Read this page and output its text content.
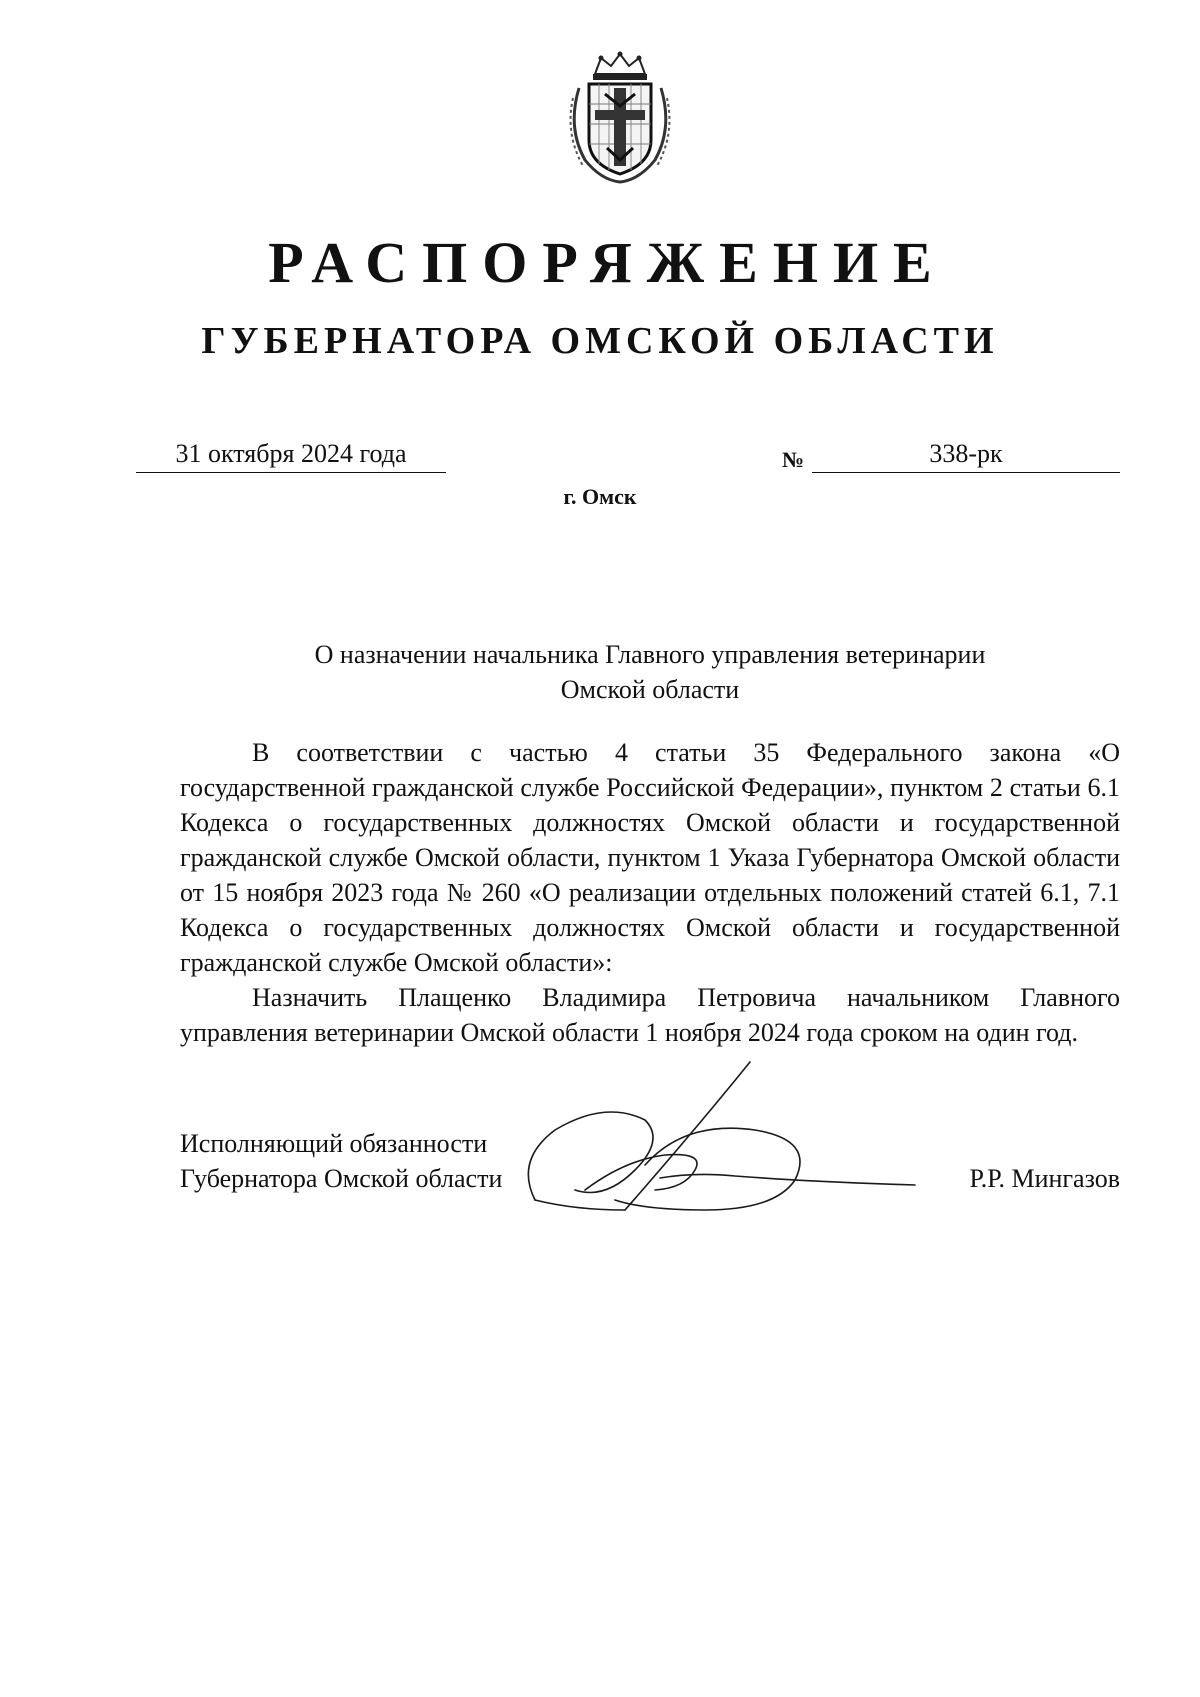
РАСПОРЯЖЕНИЕ
ГУБЕРНАТОРА ОМСКОЙ ОБЛАСТИ
31 октября 2024 года	№	338-рк
г. Омск

О назначении начальника Главного управления ветеринарии
Омской области

В соответствии с частью 4 статьи 35 Федерального закона «О государственной гражданской службе Российской Федерации», пунктом 2 статьи 6.1 Кодекса о государственных должностях Омской области и государственной гражданской службе Омской области, пунктом 1 Указа Губернатора Омской области от 15 ноября 2023 года № 260 «О реализации отдельных положений статей 6.1, 7.1 Кодекса о государственных должностях Омской области и государственной гражданской службе Омской области»:

Назначить Плащенко Владимира Петровича начальником Главного управления ветеринарии Омской области 1 ноября 2024 года сроком на один год.

Исполняющий обязанности
Губернатора Омской области	Р.Р. Мингазов
